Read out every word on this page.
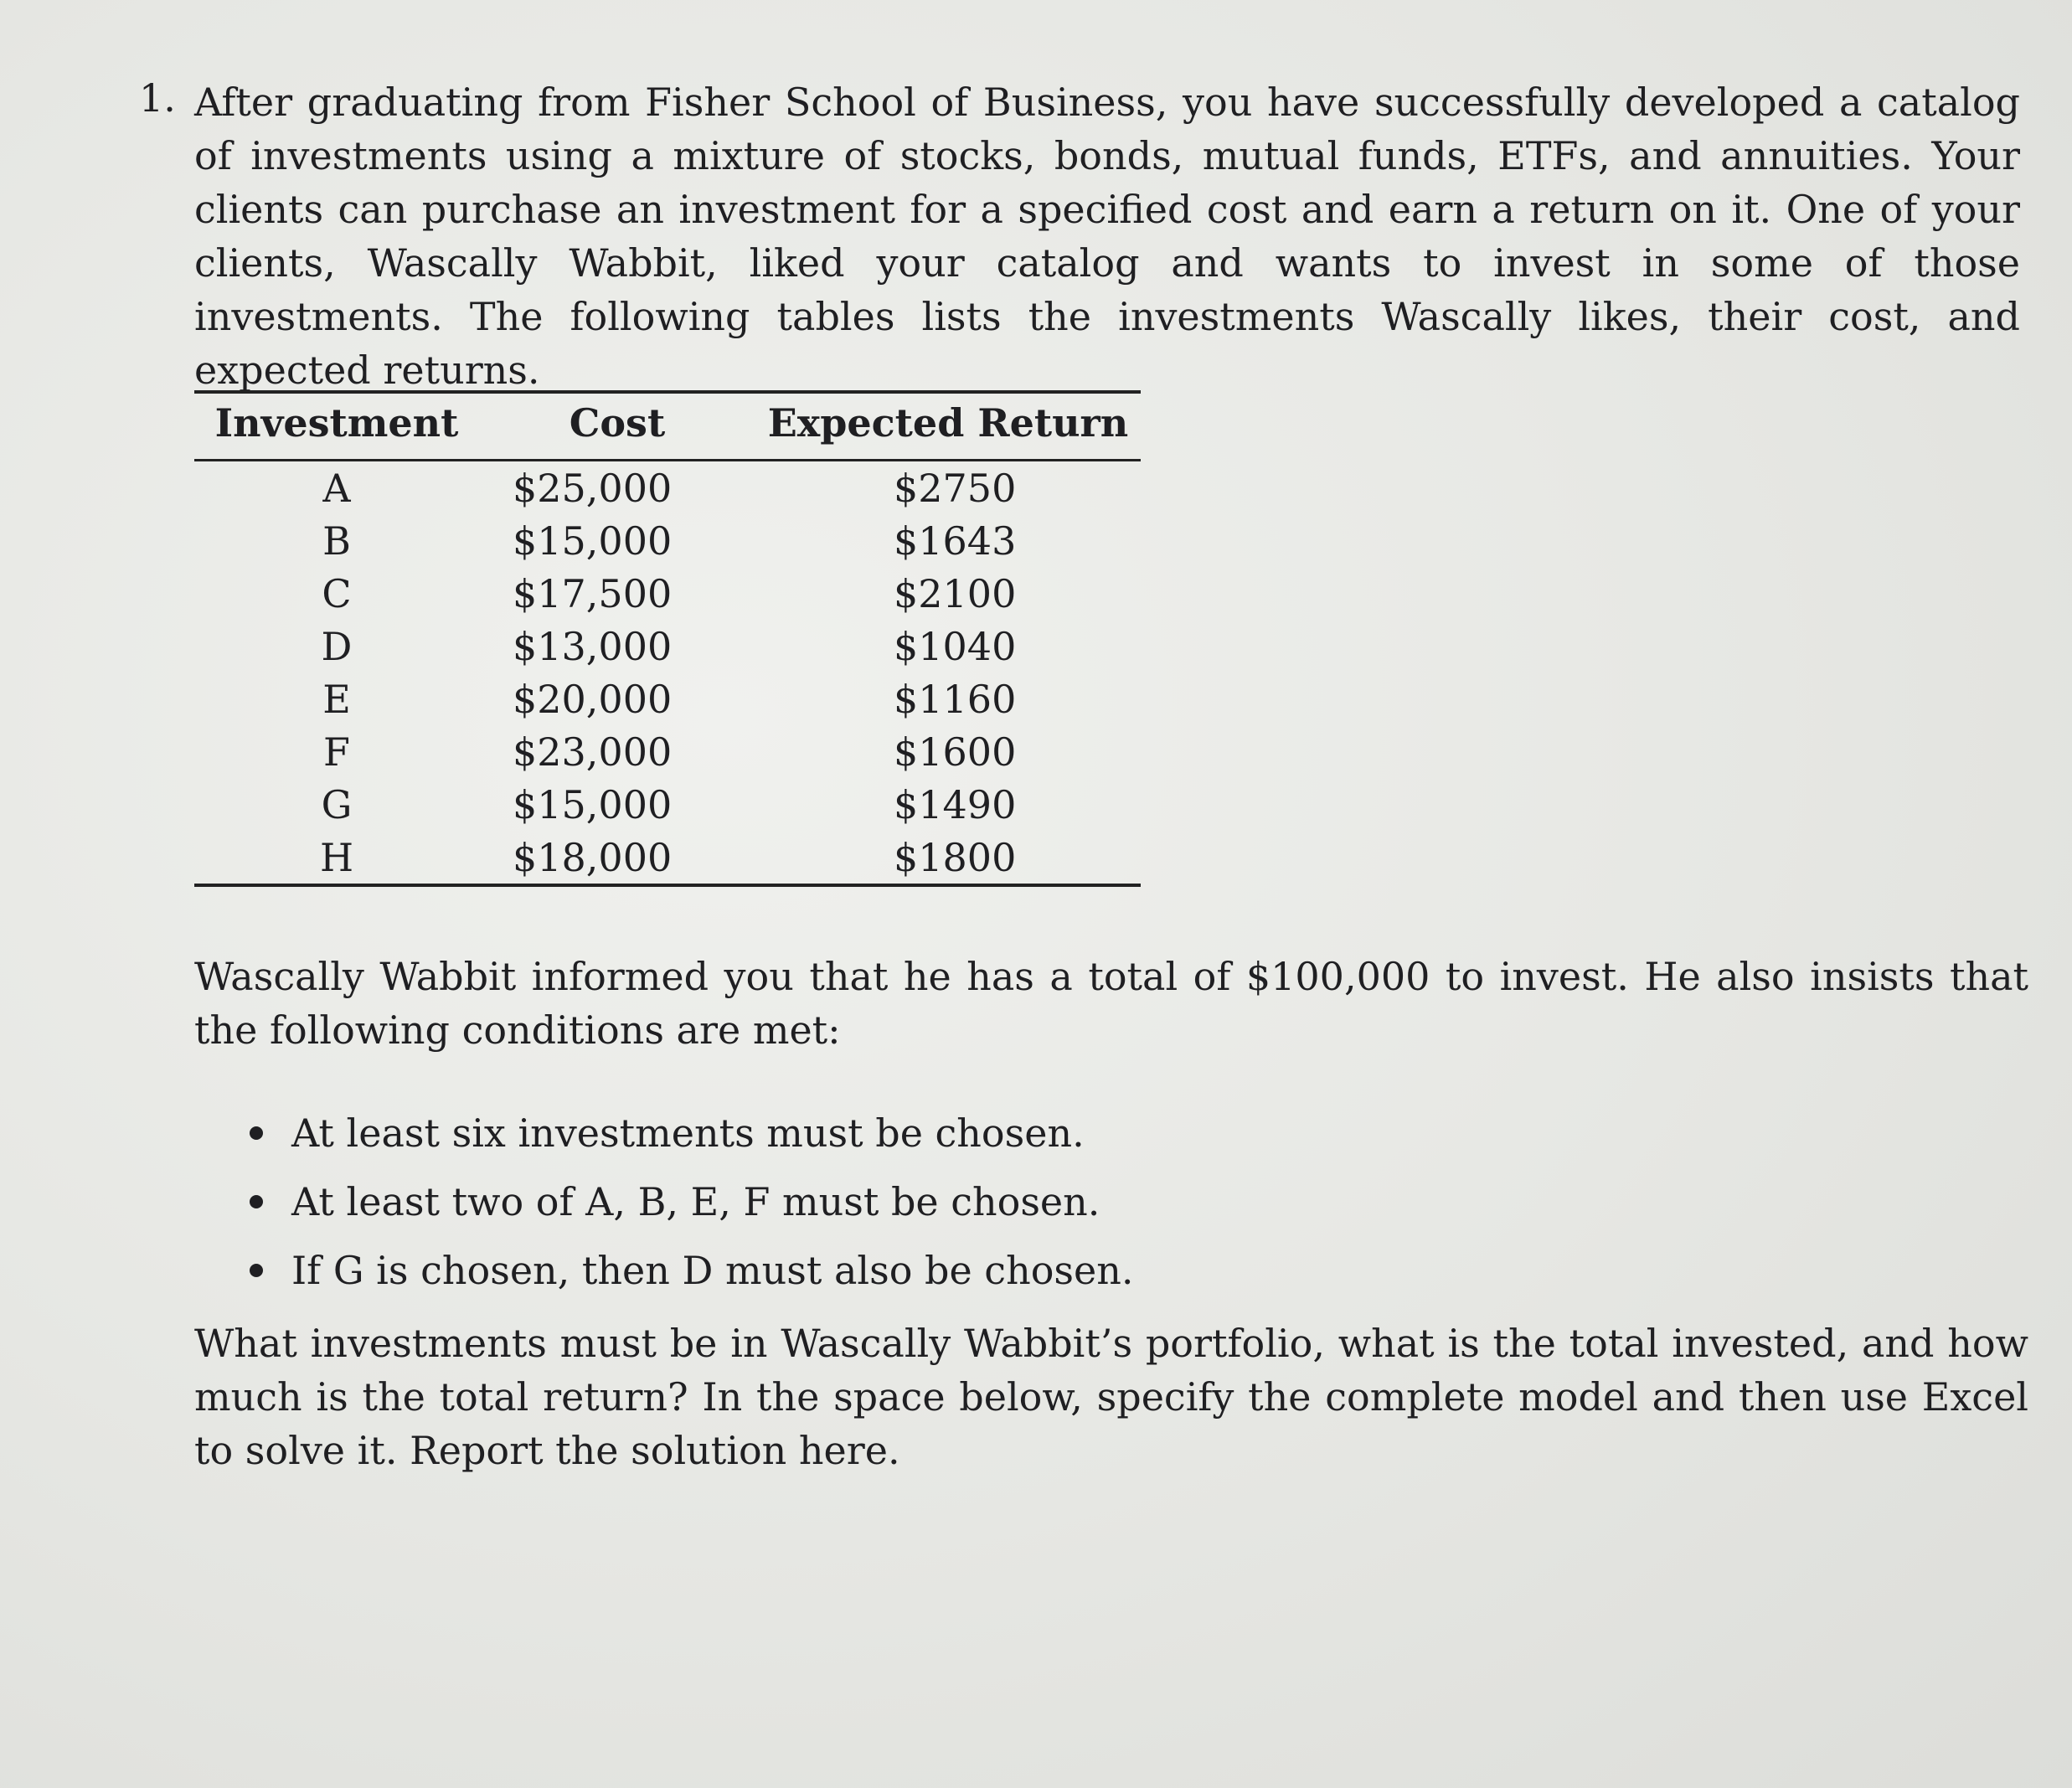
1. After graduating from Fisher School of Business, you have successfully developed a catalog of investments using a mixture of stocks, bonds, mutual funds, ETFs, and annuities. Your clients can purchase an investment for a specified cost and earn a return on it. One of your clients, Wascally Wabbit, liked your catalog and wants to invest in some of those investments. The following tables lists the investments Wascally likes, their cost, and expected returns.

Investment	Cost	Expected Return
A	$25,000	$2750
B	$15,000	$1643
C	$17,500	$2100
D	$13,000	$1040
E	$20,000	$1160
F	$23,000	$1600
G	$15,000	$1490
H	$18,000	$1800

Wascally Wabbit informed you that he has a total of $100,000 to invest. He also insists that the following conditions are met:

At least six investments must be chosen.
At least two of A, B, E, F must be chosen.
If G is chosen, then D must also be chosen.

What investments must be in Wascally Wabbit’s portfolio, what is the total invested, and how much is the total return? In the space below, specify the complete model and then use Excel to solve it. Report the solution here.
